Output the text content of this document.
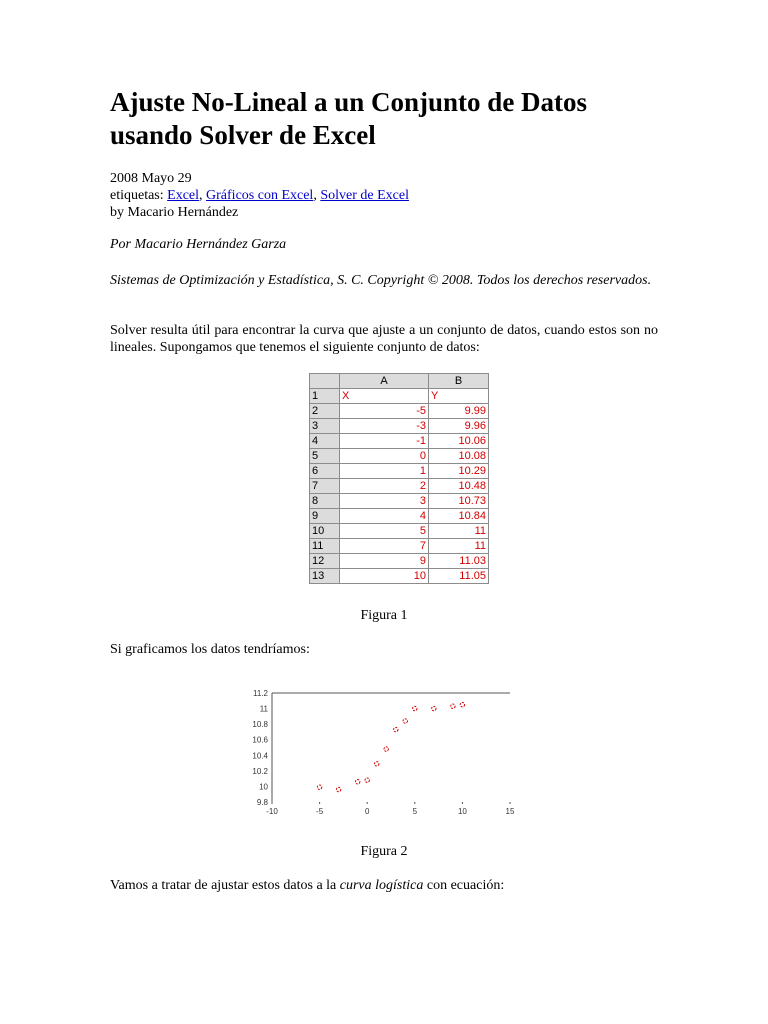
Ajuste No-Lineal a un Conjunto de Datos usando Solver de Excel
2008 Mayo 29
etiquetas: Excel, Gráficos con Excel, Solver de Excel
by Macario Hernández
Por Macario Hernández Garza
Sistemas de Optimización y Estadística, S. C. Copyright © 2008. Todos los derechos reservados.
Solver resulta útil para encontrar la curva que ajuste a un conjunto de datos, cuando estos son no lineales. Supongamos que tenemos el siguiente conjunto de datos:
Figura 1
Si graficamos los datos tendríamos:
Figura 2
Vamos a tratar de ajustar estos datos a la curva logística con ecuación:
	A	B
1	X	Y
2	-5	9.99
3	-3	9.96
4	-1	10.06
5	0	10.08
6	1	10.29
7	2	10.48
8	3	10.73
9	4	10.84
10	5	11
11	7	11
12	9	11.03
13	10	11.05
11.2
11
10.8
10.6
10.4
10.2
10
9.8
-10	-5	0	5	10	15
